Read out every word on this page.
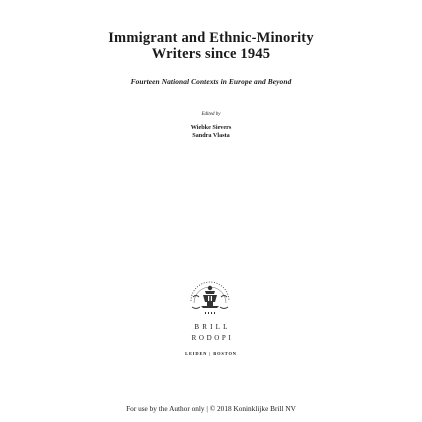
Immigrant and Ethnic-Minority
Writers since 1945
Fourteen National Contexts in Europe and Beyond
Edited by
Wiebke Sievers
Sandra Vlasta
BRILL
RODOPI
LEIDEN | BOSTON
For use by the Author only | © 2018 Koninklijke Brill NV
